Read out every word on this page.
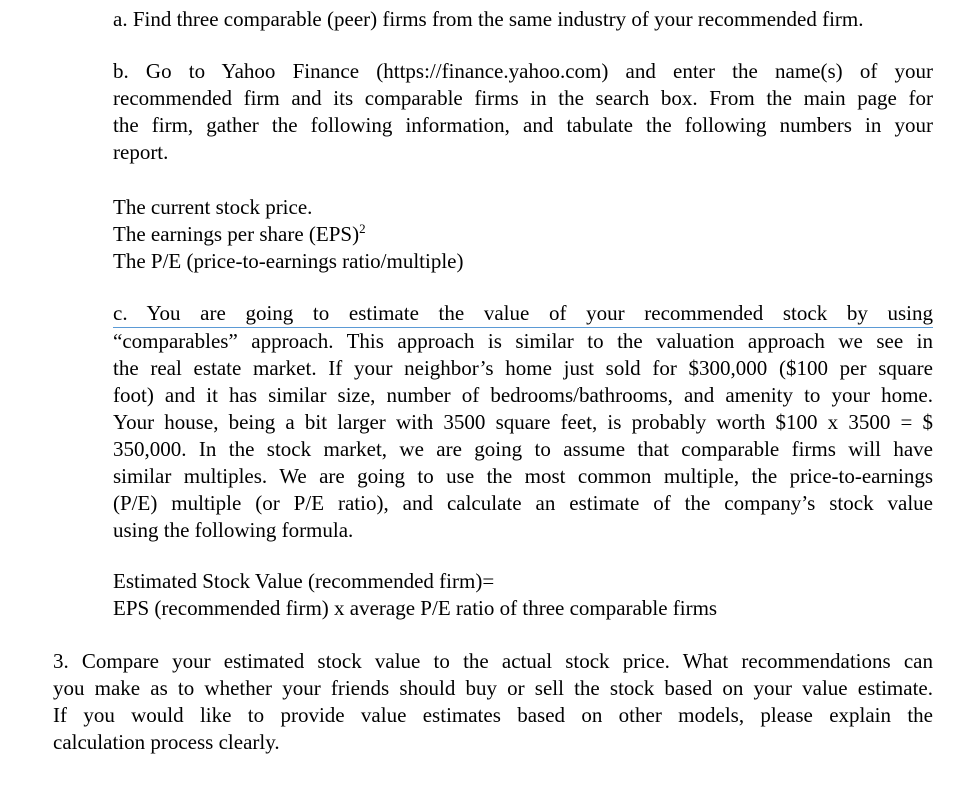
a. Find three comparable (peer) firms from the same industry of your recommended firm.

b. Go to Yahoo Finance (https://finance.yahoo.com) and enter the name(s) of your
recommended firm and its comparable firms in the search box. From the main page for
the firm, gather the following information, and tabulate the following numbers in your
report.

The current stock price.
The earnings per share (EPS)$^2$
The P/E (price-to-earnings ratio/multiple)

c. You are going to estimate the value of your recommended stock by using
“comparables” approach. This approach is similar to the valuation approach we see in
the real estate market. If your neighbor’s home just sold for $300,000 ($100 per square
foot) and it has similar size, number of bedrooms/bathrooms, and amenity to your home.
Your house, being a bit larger with 3500 square feet, is probably worth $100 x 3500 = $
350,000. In the stock market, we are going to assume that comparable firms will have
similar multiples. We are going to use the most common multiple, the price-to-earnings
(P/E) multiple (or P/E ratio), and calculate an estimate of the company’s stock value
using the following formula.

Estimated Stock Value (recommended firm)=
EPS (recommended firm) x average P/E ratio of three comparable firms

3. Compare your estimated stock value to the actual stock price. What recommendations can
you make as to whether your friends should buy or sell the stock based on your value estimate.
If you would like to provide value estimates based on other models, please explain the
calculation process clearly.
